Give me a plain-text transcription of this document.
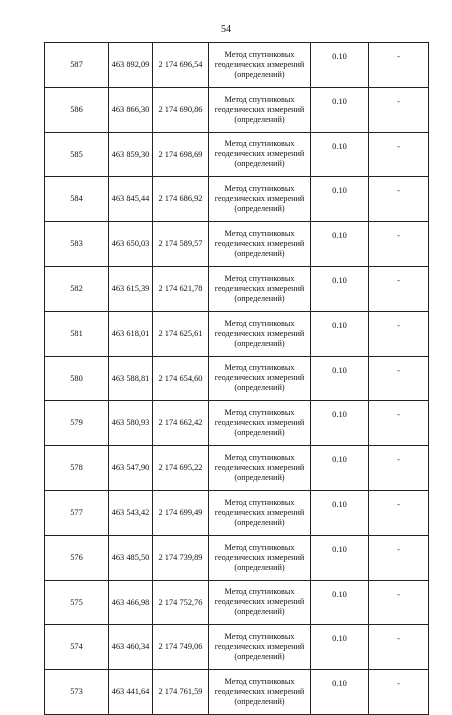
54
587	463 892,09	2 174 696,54	Метод спутниковых геодезических измерений (определений)	0.10	-
586	463 866,30	2 174 690,86	Метод спутниковых геодезических измерений (определений)	0.10	-
585	463 859,30	2 174 698,69	Метод спутниковых геодезических измерений (определений)	0.10	-
584	463 845,44	2 174 686,92	Метод спутниковых геодезических измерений (определений)	0.10	-
583	463 650,03	2 174 589,57	Метод спутниковых геодезических измерений (определений)	0.10	-
582	463 615,39	2 174 621,78	Метод спутниковых геодезических измерений (определений)	0.10	-
581	463 618,01	2 174 625,61	Метод спутниковых геодезических измерений (определений)	0.10	-
580	463 588,81	2 174 654,60	Метод спутниковых геодезических измерений (определений)	0.10	-
579	463 580,93	2 174 662,42	Метод спутниковых геодезических измерений (определений)	0.10	-
578	463 547,90	2 174 695,22	Метод спутниковых геодезических измерений (определений)	0.10	-
577	463 543,42	2 174 699,49	Метод спутниковых геодезических измерений (определений)	0.10	-
576	463 485,50	2 174 739,89	Метод спутниковых геодезических измерений (определений)	0.10	-
575	463 466,98	2 174 752,76	Метод спутниковых геодезических измерений (определений)	0.10	-
574	463 460,34	2 174 749,06	Метод спутниковых геодезических измерений (определений)	0.10	-
573	463 441,64	2 174 761,59	Метод спутниковых геодезических измерений (определений)	0.10	-
